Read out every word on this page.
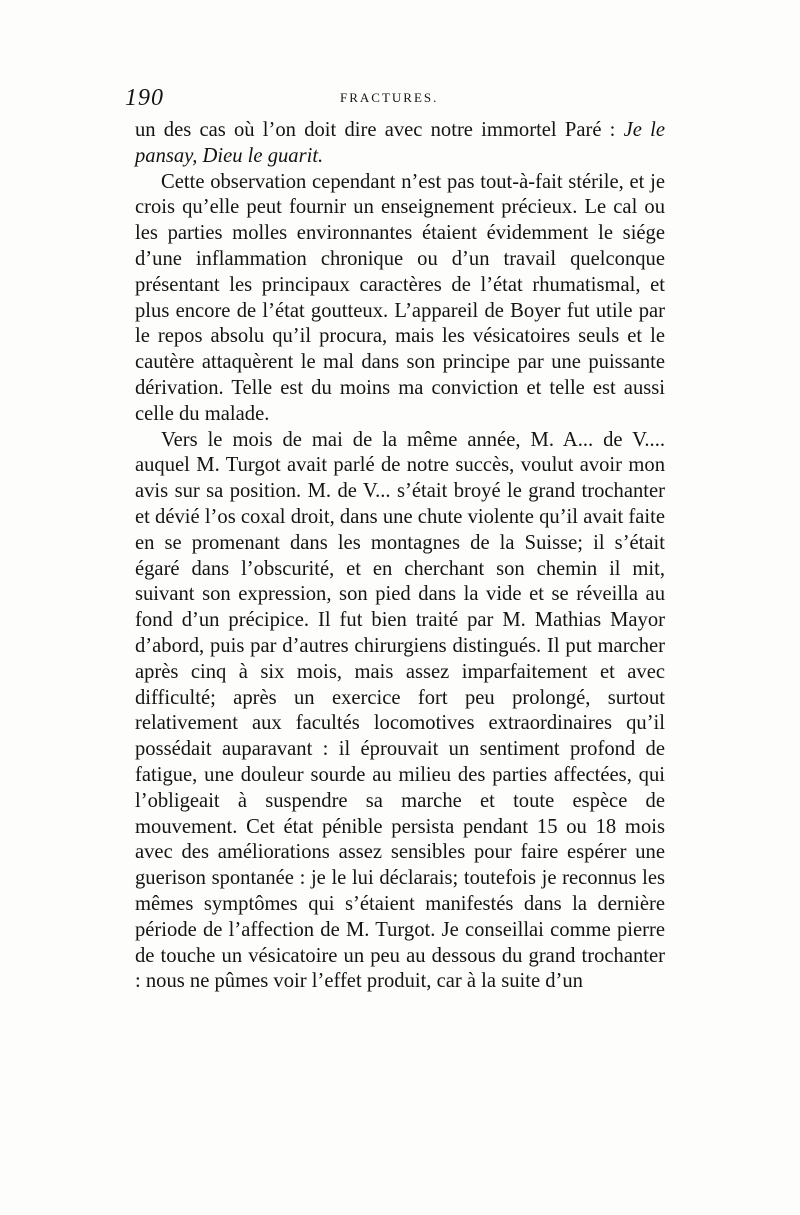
190	FRACTURES.

un des cas où l’on doit dire avec notre immortel Paré : Je le pansay, Dieu le guarit.

Cette observation cependant n’est pas tout-à-fait stérile, et je crois qu’elle peut fournir un enseignement précieux. Le cal ou les parties molles environnantes étaient évidemment le siége d’une inflammation chronique ou d’un travail quelconque présentant les principaux caractères de l’état rhumatismal, et plus encore de l’état goutteux. L’appareil de Boyer fut utile par le repos absolu qu’il procura, mais les vésicatoires seuls et le cautère attaquèrent le mal dans son principe par une puissante dérivation. Telle est du moins ma conviction et telle est aussi celle du malade.

Vers le mois de mai de la même année, M. A... de V.... auquel M. Turgot avait parlé de notre succès, voulut avoir mon avis sur sa position. M. de V... s’était broyé le grand trochanter et dévié l’os coxal droit, dans une chute violente qu’il avait faite en se promenant dans les montagnes de la Suisse; il s’était égaré dans l’obscurité, et en cherchant son chemin il mit, suivant son expression, son pied dans la vide et se réveilla au fond d’un précipice. Il fut bien traité par M. Mathias Mayor d’abord, puis par d’autres chirurgiens distingués. Il put marcher après cinq à six mois, mais assez imparfaitement et avec difficulté; après un exercice fort peu prolongé, surtout relativement aux facultés locomotives extraordinaires qu’il possédait auparavant : il éprouvait un sentiment profond de fatigue, une douleur sourde au milieu des parties affectées, qui l’obligeait à suspendre sa marche et toute espèce de mouvement. Cet état pénible persista pendant 15 ou 18 mois avec des améliorations assez sensibles pour faire espérer une guerison spontanée : je le lui déclarais; toutefois je reconnus les mêmes symptômes qui s’étaient manifestés dans la dernière période de l’affection de M. Turgot. Je conseillai comme pierre de touche un vésicatoire un peu au dessous du grand trochanter : nous ne pûmes voir l’effet produit, car à la suite d’un
